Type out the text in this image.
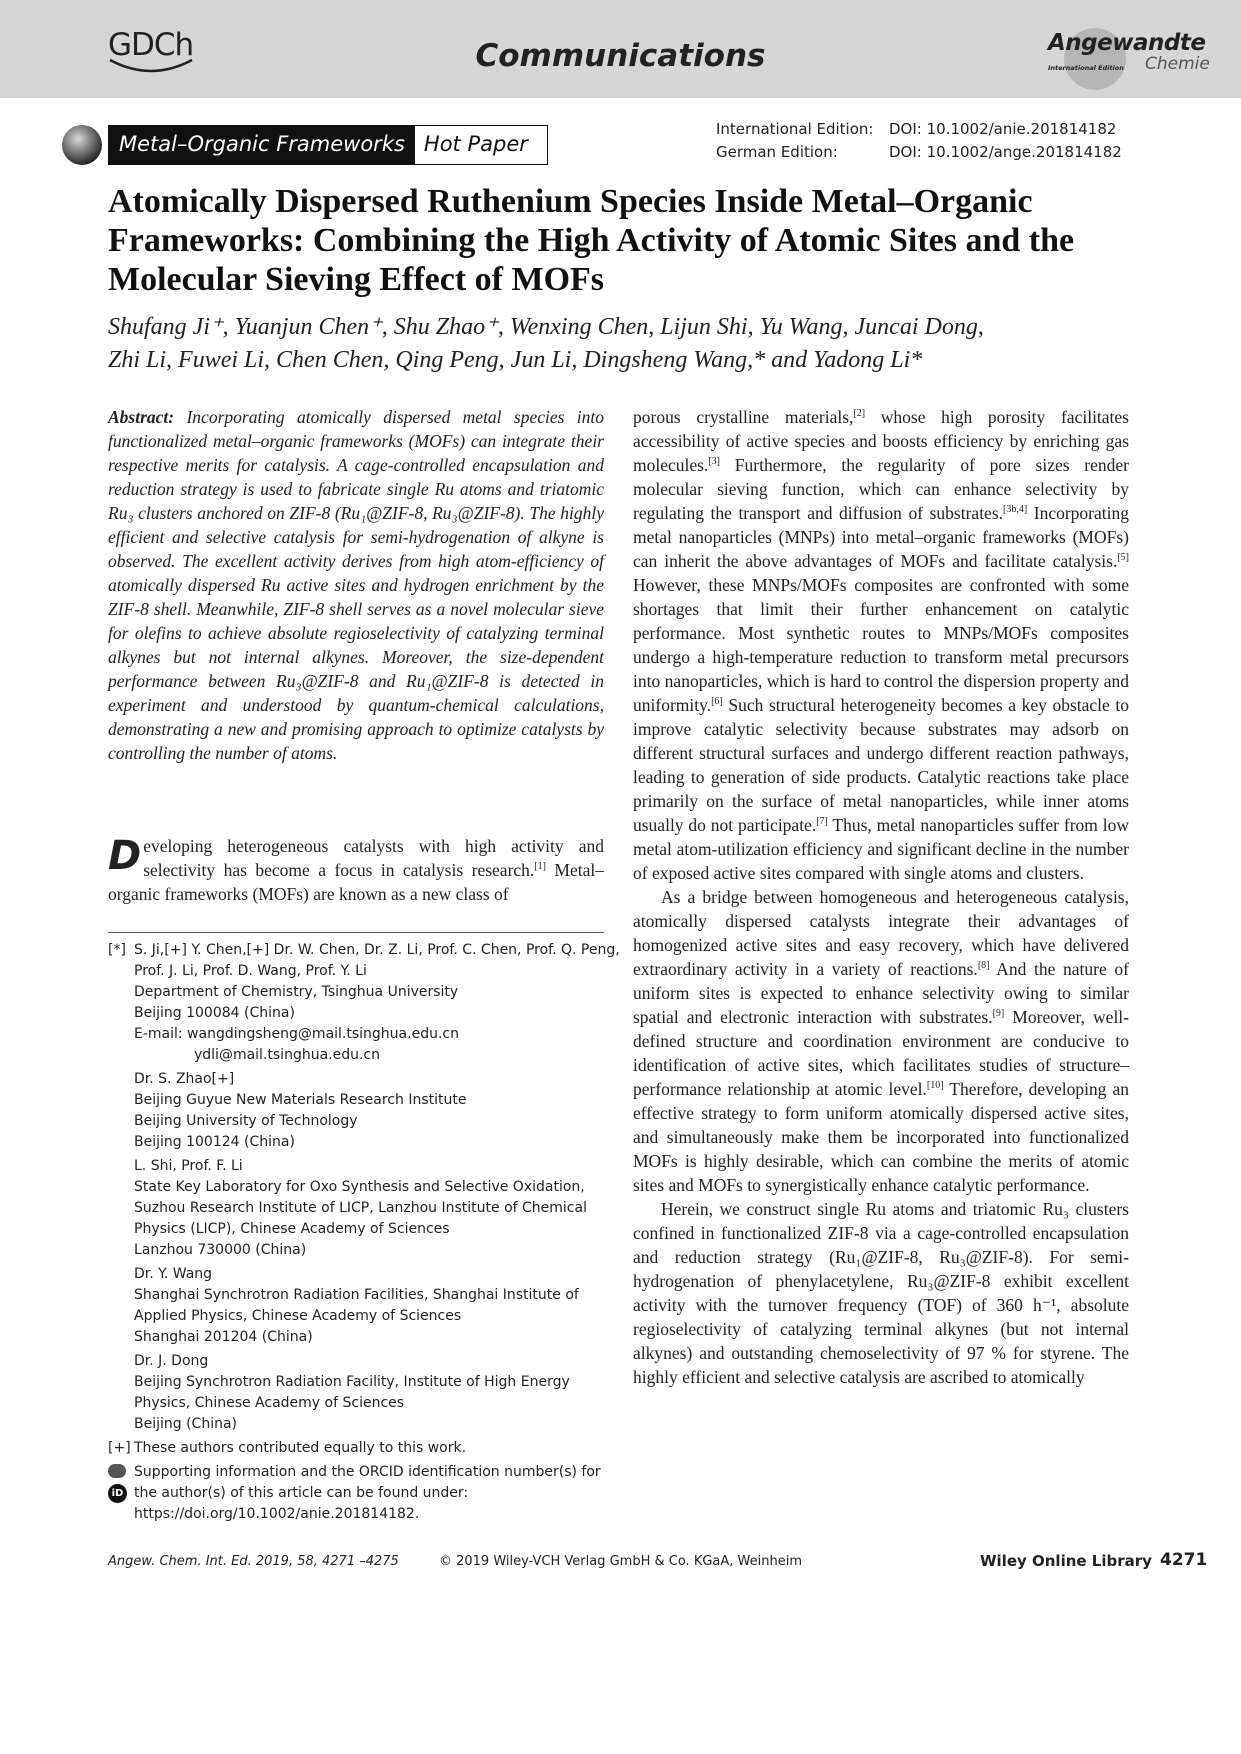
GDCh	Communications	Angewandte
International Edition Chemie
Metal–Organic Frameworks Hot Paper
International Edition: DOI: 10.1002/anie.201814182
German Edition:	DOI: 10.1002/ange.201814182
Atomically Dispersed Ruthenium Species Inside Metal–Organic Frameworks: Combining the High Activity of Atomic Sites and the Molecular Sieving Effect of MOFs
Shufang Ji⁺, Yuanjun Chen⁺, Shu Zhao⁺, Wenxing Chen, Lijun Shi, Yu Wang, Juncai Dong,
Zhi Li, Fuwei Li, Chen Chen, Qing Peng, Jun Li, Dingsheng Wang,* and Yadong Li*
Abstract: Incorporating atomically dispersed metal species into functionalized metal–organic frameworks (MOFs) can integrate their respective merits for catalysis. A cage-controlled encapsulation and reduction strategy is used to fabricate single Ru atoms and triatomic Ru₃ clusters anchored on ZIF-8 (Ru₁@ZIF-8, Ru₃@ZIF-8). The highly efficient and selective catalysis for semi-hydrogenation of alkyne is observed. The excellent activity derives from high atom-efficiency of atomically dispersed Ru active sites and hydrogen enrichment by the ZIF-8 shell. Meanwhile, ZIF-8 shell serves as a novel molecular sieve for olefins to achieve absolute regioselectivity of catalyzing terminal alkynes but not internal alkynes. Moreover, the size-dependent performance between Ru₃@ZIF-8 and Ru₁@ZIF-8 is detected in experiment and understood by quantum-chemical calculations, demonstrating a new and promising approach to optimize catalysts by controlling the number of atoms.
Developing heterogeneous catalysts with high activity and selectivity has become a focus in catalysis research.[1] Metal–organic frameworks (MOFs) are known as a new class of
[*] S. Ji,[+] Y. Chen,[+] Dr. W. Chen, Dr. Z. Li, Prof. C. Chen, Prof. Q. Peng,
Prof. J. Li, Prof. D. Wang, Prof. Y. Li
Department of Chemistry, Tsinghua University
Beijing 100084 (China)
E-mail: wangdingsheng@mail.tsinghua.edu.cn
ydli@mail.tsinghua.edu.cn
Dr. S. Zhao[+]
Beijing Guyue New Materials Research Institute
Beijing University of Technology
Beijing 100124 (China)
L. Shi, Prof. F. Li
State Key Laboratory for Oxo Synthesis and Selective Oxidation,
Suzhou Research Institute of LICP, Lanzhou Institute of Chemical
Physics (LICP), Chinese Academy of Sciences
Lanzhou 730000 (China)
Dr. Y. Wang
Shanghai Synchrotron Radiation Facilities, Shanghai Institute of
Applied Physics, Chinese Academy of Sciences
Shanghai 201204 (China)
Dr. J. Dong
Beijing Synchrotron Radiation Facility, Institute of High Energy
Physics, Chinese Academy of Sciences
Beijing (China)
[+] These authors contributed equally to this work.
iD
Supporting information and the ORCID identification number(s) for
the author(s) of this article can be found under:
https://doi.org/10.1002/anie.201814182.

porous crystalline materials,[2] whose high porosity facilitates accessibility of active species and boosts efficiency by enriching gas molecules.[3] Furthermore, the regularity of pore sizes render molecular sieving function, which can enhance selectivity by regulating the transport and diffusion of substrates.[3b,4] Incorporating metal nanoparticles (MNPs) into metal–organic frameworks (MOFs) can inherit the above advantages of MOFs and facilitate catalysis.[5] However, these MNPs/MOFs composites are confronted with some shortages that limit their further enhancement on catalytic performance. Most synthetic routes to MNPs/MOFs composites undergo a high-temperature reduction to transform metal precursors into nanoparticles, which is hard to control the dispersion property and uniformity.[6] Such structural heterogeneity becomes a key obstacle to improve catalytic selectivity because substrates may adsorb on different structural surfaces and undergo different reaction pathways, leading to generation of side products. Catalytic reactions take place primarily on the surface of metal nanoparticles, while inner atoms usually do not participate.[7] Thus, metal nanoparticles suffer from low metal atom-utilization efficiency and significant decline in the number of exposed active sites compared with single atoms and clusters.

As a bridge between homogeneous and heterogeneous catalysis, atomically dispersed catalysts integrate their advantages of homogenized active sites and easy recovery, which have delivered extraordinary activity in a variety of reactions.[8] And the nature of uniform sites is expected to enhance selectivity owing to similar spatial and electronic interaction with substrates.[9] Moreover, well-defined structure and coordination environment are conducive to identification of active sites, which facilitates studies of structure–performance relationship at atomic level.[10] Therefore, developing an effective strategy to form uniform atomically dispersed active sites, and simultaneously make them be incorporated into functionalized MOFs is highly desirable, which can combine the merits of atomic sites and MOFs to synergistically enhance catalytic performance.

Herein, we construct single Ru atoms and triatomic Ru₃ clusters confined in functionalized ZIF-8 via a cage-controlled encapsulation and reduction strategy (Ru₁@ZIF-8, Ru₃@ZIF-8). For semi-hydrogenation of phenylacetylene, Ru₃@ZIF-8 exhibit excellent activity with the turnover frequency (TOF) of 360 h⁻¹, absolute regioselectivity of catalyzing terminal alkynes (but not internal alkynes) and outstanding chemoselectivity of 97 % for styrene. The highly efficient and selective catalysis are ascribed to atomically

Angew. Chem. Int. Ed. 2019, 58, 4271 –4275	© 2019 Wiley-VCH Verlag GmbH & Co. KGaA, Weinheim	Wiley Online Library 4271
